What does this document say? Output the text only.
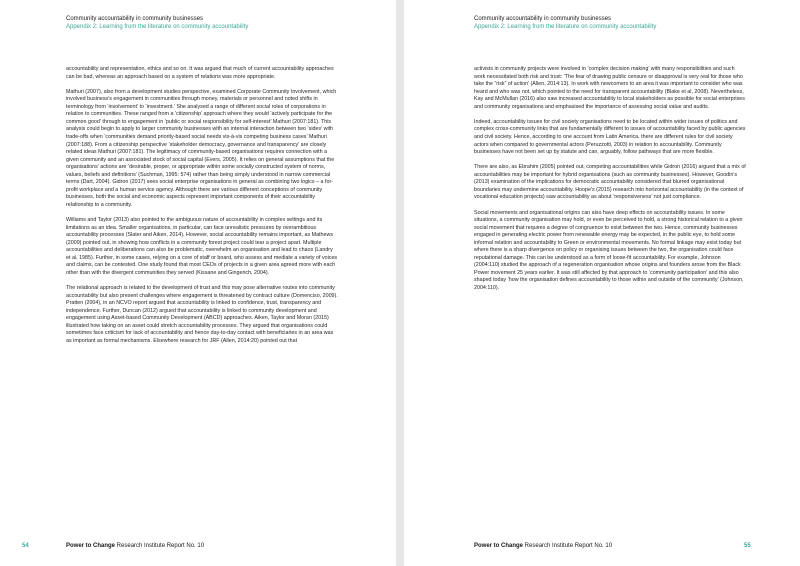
Community accountability in community businesses
Appendix 2: Learning from the literature on community accountability

accountability and representation, ethics and so on. It was argued that much of current accountability approaches can be bad, whereas an approach based on a system of relations was more appropriate.

Mathuri (2007), also from a development studies perspective, examined Corporate Community Involvement, which involved business’s engagement in communities through money, materials or personnel and noted shifts in terminology from ‘involvement’ to ‘investment.’ She analysed a range of different social roles of corporations in relation to communities. These ranged from a ‘citizenship’ approach where they would ‘actively participate for the common good’ through to engagement in ‘public or social responsibility for self-interest’ Mathuri (2007:181). This analysis could begin to apply to larger community businesses with an internal interaction between two ‘sides’ with trade-offs when ‘communities demand priority-based social needs vis-à-vis competing business cases’ Mathuri (2007:188). From a citizenship perspective ‘stakeholder democracy, governance and transparency’ are closely related ideas Mathuri (2007:181). The legitimacy of community-based organisations requires connection with a given community and an associated stock of social capital (Evers, 2005). It relies on general assumptions that the organisations’ actions are ‘desirable, proper, or appropriate within some socially constructed system of norms, values, beliefs and definitions’ (Suchman, 1995: 574) rather than being simply understood in narrow commercial terms (Dart, 2004). Gidron (2017) sees social enterprise organisations in general as combining two logics – a for-profit workplace and a human service agency. Although there are various different conceptions of community businesses, both the social and economic aspects represent important components of their accountability relationship to a community.

Williams and Taylor (2013) also pointed to the ambiguous nature of accountability in complex settings and its limitations as an idea. Smaller organisations, in particular, can face unrealistic pressures by overambitious accountability processes (Slater and Aiken, 2014). However, social accountability remains important, as Mathews (2009) pointed out, in showing how conflicts in a community forest project could tear a project apart. Multiple accountabilities and deliberations can also be problematic, overwhelm an organisation and lead to chaos (Landry et al, 1985). Further, in some cases, relying on a core of staff or board, who assess and mediate a variety of voices and claims, can be contested. One study found that most CEOs of projects in a given area agreed more with each other than with the divergent communities they served (Kissane and Gingerich, 2004).

The relational approach is related to the development of trust and this may pose alternative routes into community accountability but also present challenges where engagement is threatened by contract culture (Domenciso, 2009). Pratten (2004), in an NCVO report argued that accountability is linked to confidence, trust, transparency and independence. Further, Duncan (2012) argued that accountability is linked to community development and engagement using Asset-based Community Development (ABCD) approaches. Aiken, Taylor and Moran (2015) illustrated how taking on an asset could stretch accountability processes. They argued that organisations could sometimes face criticism for lack of accountability and hence day-to-day contact with beneficiaries in an area was as important as formal mechanisms. Elsewhere research for JRF (Allen, 2014:20) pointed out that

54	Power to Change Research Institute Report No. 10
Community accountability in community businesses
Appendix 2: Learning from the literature on community accountability

activists in community projects were involved in ‘complex decision making’ with many responsibilities and such work necessitated both risk and trust: ‘The fear of drawing public censure or disapproval is very real for those who take the “risk” of action’ (Allen, 2014:13). In work with newcomers to an area it was important to consider who was heard and who was not, which pointed to the need for transparent accountability (Blake et al, 2008). Nevertheless, Kay and McMullan (2016) also saw increased accountability to local stakeholders as possible for social enterprises and community organisations and emphasised the importance of assessing social value and audits.

Indeed, accountability issues for civil society organisations need to be located within wider issues of politics and complex cross-community links that are fundamentally different to issues of accountability faced by public agencies and civil society. Hence, according to one account from Latin America, there are different rules for civil society actors when compared to governmental actors (Peruzzotti, 2003) in relation to accountability. Community businesses have not been set up by statute and can, arguably, follow pathways that are more flexible.

There are also, as Ebrahim (2005) pointed out, competing accountabilities while Gidron (2016) argued that a mix of accountabilities may be important for hybrid organisations (such as community businesses). However, Goodin’s (2013) examination of the implications for democratic accountability considered that blurred organisational boundaries may undermine accountability. Hoope’s (2015) research into horizontal accountability (in the context of vocational education projects) saw accountability as about ‘responsiveness’ not just compliance.

Social movements and organisational origins can also have deep effects on accountability issues. In some situations, a community organisation may hold, or even be perceived to hold, a strong historical relation to a given social movement that requires a degree of congruence to exist between the two. Hence, community businesses engaged in generating electric power from renewable energy may be expected, in the public eye, to hold some informal relation and accountability to Green or environmental movements. No formal linkage may exist today but where there is a sharp divergence on policy or organising issues between the two, the organisation could face reputational damage. This can be understood as a form of loose-fit accountability. For example, Johnson (2004:110) studied the approach of a regeneration organisation whose origins and founders arose from the Black Power movement 25 years earlier. It was still affected by that approach to ‘community participation’ and this also shaped today ‘how the organisation defines accountability to those within and outside of the community’ (Johnson, 2004:110).

Power to Change Research Institute Report No. 10	55
